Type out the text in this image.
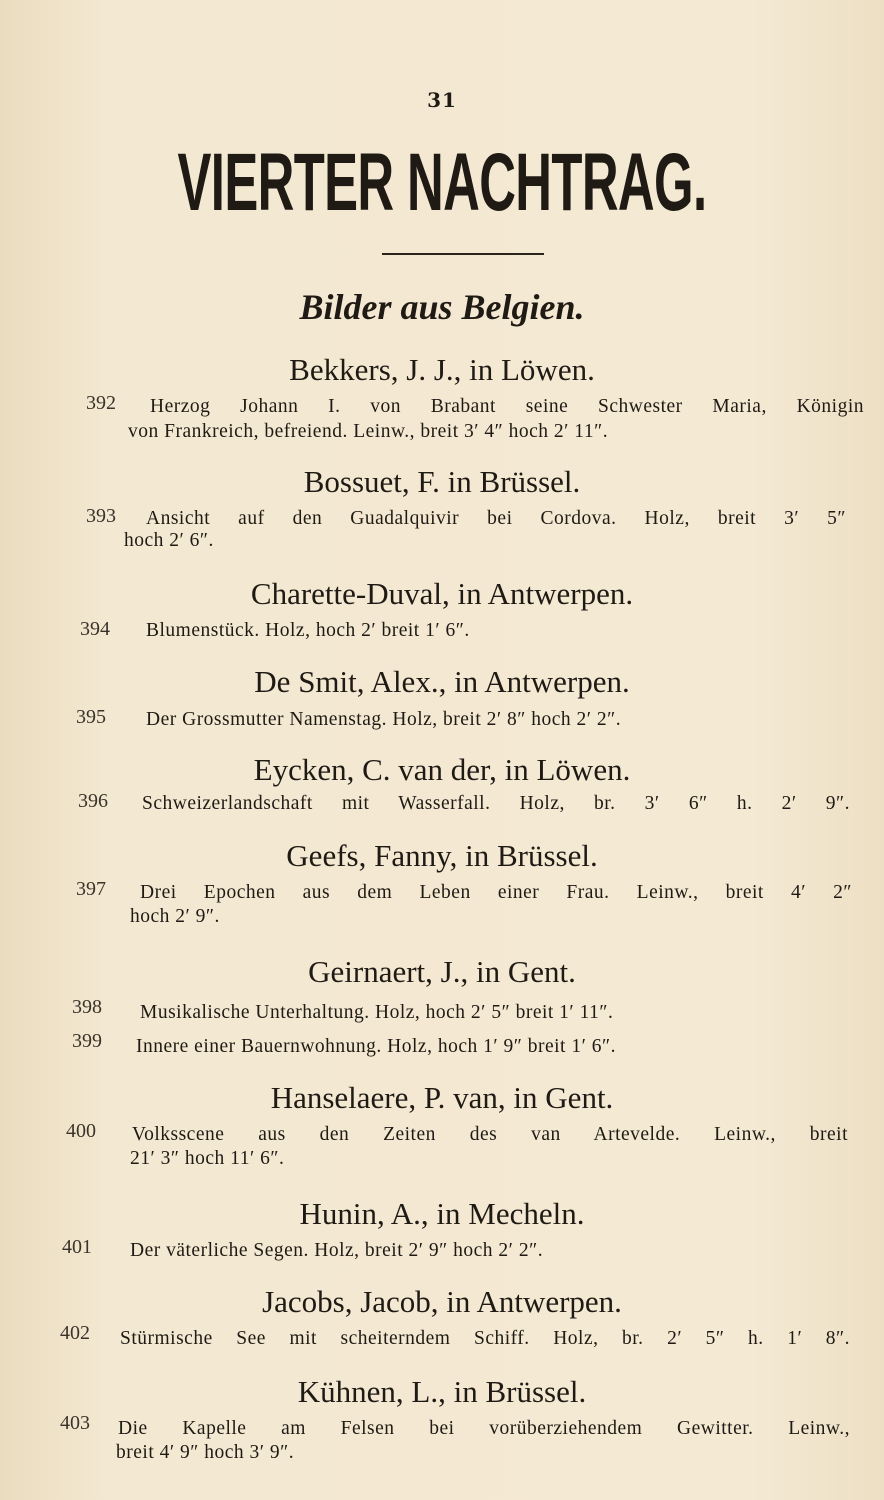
31
VIERTER NACHTRAG.
Bilder aus Belgien.
Bekkers, J. J., in Löwen.
392 Herzog Johann I. von Brabant seine Schwester Maria, Königin
von Frankreich, befreiend. Leinw., breit 3′ 4″ hoch 2′ 11″.
Bossuet, F. in Brüssel.
393 Ansicht auf den Guadalquivir bei Cordova. Holz, breit 3′ 5″
hoch 2′ 6″.
Charette-Duval, in Antwerpen.
394 Blumenstück. Holz, hoch 2′ breit 1′ 6″.
De Smit, Alex., in Antwerpen.
395 Der Grossmutter Namenstag. Holz, breit 2′ 8″ hoch 2′ 2″.
Eycken, C. van der, in Löwen.
396 Schweizerlandschaft mit Wasserfall. Holz, br. 3′ 6″ h. 2′ 9″.
Geefs, Fanny, in Brüssel.
397 Drei Epochen aus dem Leben einer Frau. Leinw., breit 4′ 2″
hoch 2′ 9″.
Geirnaert, J., in Gent.
398 Musikalische Unterhaltung. Holz, hoch 2′ 5″ breit 1′ 11″.
399 Innere einer Bauernwohnung. Holz, hoch 1′ 9″ breit 1′ 6″.
Hanselaere, P. van, in Gent.
400 Volksscene aus den Zeiten des van Artevelde. Leinw., breit
21′ 3″ hoch 11′ 6″.
Hunin, A., in Mecheln.
401 Der väterliche Segen. Holz, breit 2′ 9″ hoch 2′ 2″.
Jacobs, Jacob, in Antwerpen.
402 Stürmische See mit scheiterndem Schiff. Holz, br. 2′ 5″ h. 1′ 8″.
Kühnen, L., in Brüssel.
403 Die Kapelle am Felsen bei vorüberziehendem Gewitter. Leinw.,
breit 4′ 9″ hoch 3′ 9″.
